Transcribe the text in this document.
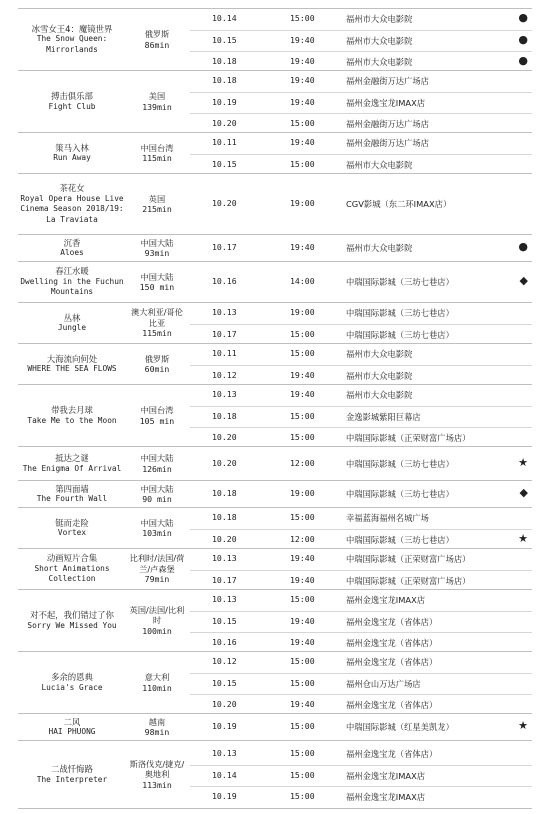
冰雪女王4：魔镜世界
The Snow Queen: Mirrorlands
俄罗斯
86min
10.14	15:00	福州市大众电影院	●
10.15	19:40	福州市大众电影院	●
10.18	19:40	福州市大众电影院	●
搏击俱乐部
Fight Club
美国
139min
10.18	19:40	福州金融街万达广场店
10.19	19:40	福州金逸宝龙IMAX店
10.20	15:00	福州金融街万达广场店
策马入林
Run Away
中国台湾
115min
10.11	19:40	福州金融街万达广场店
10.15	15:00	福州市大众电影院
茶花女
Royal Opera House Live Cinema Season 2018/19: La Traviata
英国
215min
10.20	19:00	CGV影城（东二环IMAX店）
沉香
Aloes
中国大陆
93min
10.17	19:40	福州市大众电影院	●
春江水暖
Dwelling in the Fuchun Mountains
中国大陆
150 min
10.16	14:00	中瑞国际影城（三坊七巷店）	◆
丛林
Jungle
澳大利亚/哥伦比亚
115min
10.13	19:00	中瑞国际影城（三坊七巷店）
10.17	15:00	中瑞国际影城（三坊七巷店）
大海流向何处
WHERE THE SEA FLOWS
俄罗斯
60min
10.11	15:00	福州市大众电影院
10.12	19:40	福州市大众电影院
带我去月球
Take Me to the Moon
中国台湾
105 min
10.13	19:40	福州市大众电影院
10.18	15:00	金逸影城紫阳巨幕店
10.20	15:00	中瑞国际影城（正荣财富广场店）
抵达之谜
The Enigma Of Arrival
中国大陆
126min
10.20	12:00	中瑞国际影城（三坊七巷店）	★
第四面墙
The Fourth Wall
中国大陆
90 min
10.18	19:00	中瑞国际影城（三坊七巷店）	◆
铤而走险
Vortex
中国大陆
103min
10.18	15:00	幸福蓝海福州名城广场
10.20	12:00	中瑞国际影城（三坊七巷店）	★
动画短片合集
Short Animations Collection
比利时/法国/荷兰/卢森堡
79min
10.13	19:40	中瑞国际影城（正荣财富广场店）
10.17	19:40	中瑞国际影城（正荣财富广场店）
对不起，我们错过了你
Sorry We Missed You
英国/法国/比利时
100min
10.13	15:00	福州金逸宝龙IMAX店
10.15	19:40	福州金逸宝龙（省体店）
10.16	19:40	福州金逸宝龙（省体店）
多余的恩典
Lucia's Grace
意大利
110min
10.12	15:00	福州金逸宝龙（省体店）
10.15	15:00	福州仓山万达广场店
10.20	19:40	福州金逸宝龙（省体店）
二风
HAI PHUONG
越南
98min
10.19	15:00	中瑞国际影城（红星美凯龙）	★
二战忏悔路
The Interpreter
斯洛伐克/捷克/奥地利
113min
10.13	15:00	福州金逸宝龙（省体店）
10.14	15:00	福州金逸宝龙IMAX店
10.19	15:00	福州金逸宝龙IMAX店
